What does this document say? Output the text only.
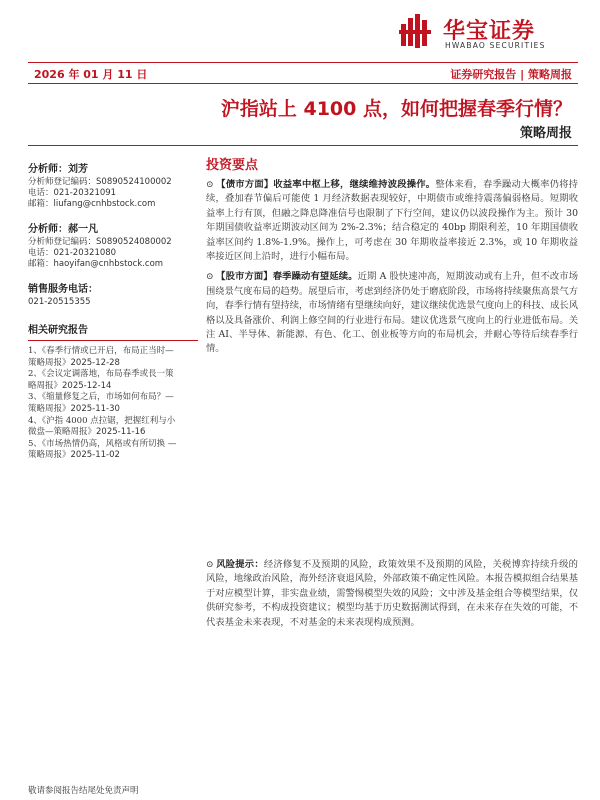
华宝证券
HWABAO SECURITIES
2026 年 01 月 11 日	证券研究报告 | 策略周报
沪指站上 4100 点，如何把握春季行情？
策略周报
分析师：刘芳
分析师登记编码：S0890524100002
电话：021-20321091
邮箱：liufang@cnhbstock.com
分析师：郝一凡
分析师登记编码：S0890524080002
电话：021-20321080
邮箱：haoyifan@cnhbstock.com
销售服务电话：
021-20515355
相关研究报告
1、《春季行情或已开启，布局正当时—
策略周报》2025-12-28
2、《会议定调落地，布局春季或長一策
略周报》2025-12-14
3、《缩量修复之后，市场如何布局？—
策略周报》2025-11-30
4、《沪指 4000 点拉锯，把握红利与小
微盘—策略周报》2025-11-16
5、《市场热情仍高，风格或有所切换 —
策略周报》2025-11-02
投资要点

⊙ 【债市方面】收益率中枢上移，继续维持波段操作。整体来看，春季躁动大概率仍将持续，叠加春节偏后可能使 1 月经济数据表现较好，中期债市或维持震荡偏弱格局。短期收益率上行有顶，但融之降息降准信号也限制了下行空间，建议仍以波段操作为主。预计 30 年期国债收益率近期波动区间为 2%-2.3%；结合稳定的 40bp 期限利差，10 年期国债收益率区间约 1.8%-1.9%。操作上，可考虑在 30 年期收益率接近 2.3%，或 10 年期收益率接近区间上沿时，进行小幅布局。

⊙ 【股市方面】春季躁动有望延续。近期 A 股快速冲高，短期波动或有上升，但不改市场围绕景气度布局的趋势。展望后市，考虑到经济仍处于磨底阶段，市场将持续聚焦高景气方向，春季行情有望持续，市场情绪有望继续向好，建议继续优选景气度向上的科技、成长风格以及具备涨价、利润上修空间的行业进行布局。建议优选景气度向上的行业进低布局。关注 AI、半导体、新能源、有色、化工、创业板等方向的布局机会，并耐心等待后续春季行情。

⊙ 风险提示：经济修复不及预期的风险，政策效果不及预期的风险，关税博弈持续升级的风险，地缘政治风险，海外经济衰退风险，外部政策不确定性风险。本报告模拟组合结果基于对应模型计算，非实盘业绩，需警惕模型失效的风险；文中涉及基金组合等模型结果，仅供研究参考，不构成投资建议；模型均基于历史数据测试得到，在未来存在失效的可能，不代表基金未来表现，不对基金的未来表现构成预测。

敬请参阅报告结尾处免责声明
